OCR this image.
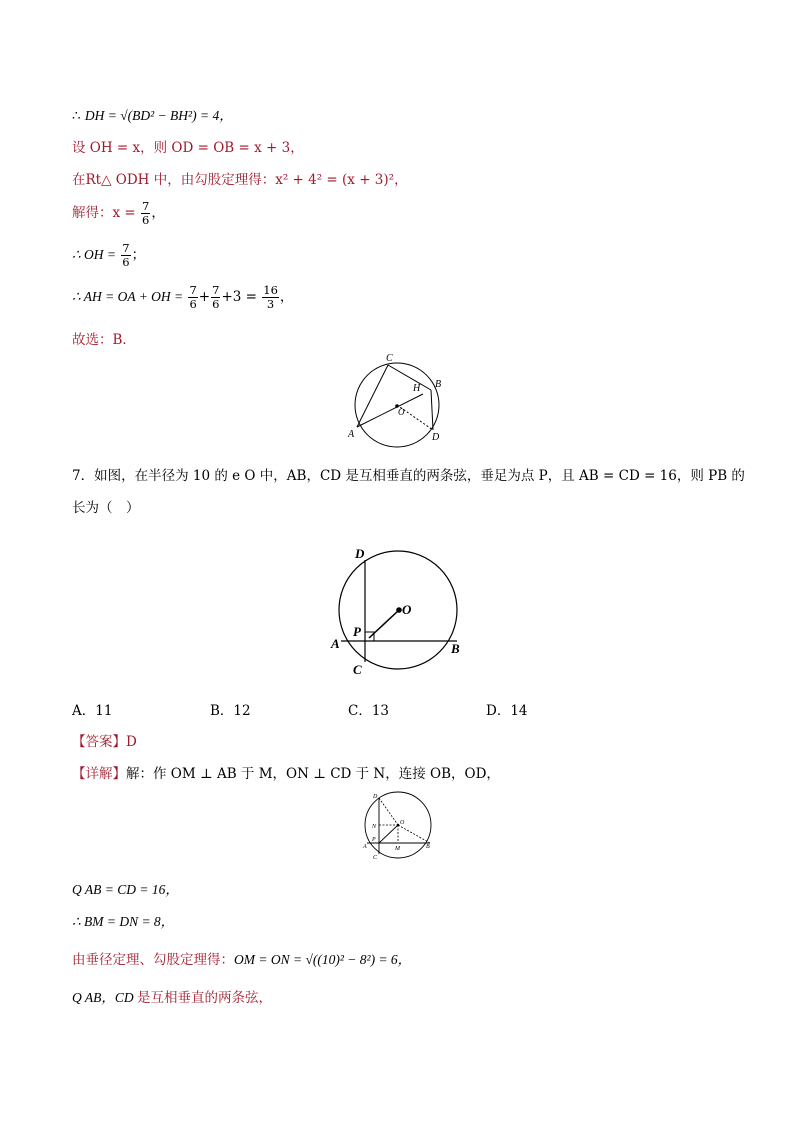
∴ DH = √(BD² − BH²) = 4，
设 OH = x，则 OD = OB = x + 3，
在Rt△ ODH 中，由勾股定理得：x² + 4² = (x + 3)²，
解得：$x = \frac{7}{6}$ ，
∴ OH = $\frac{7}{6}$ ；
∴ AH = OA + OH = $\frac{7}{6} + \frac{7}{6} +3 = \frac{16}{3}$ ，
故选：B．
C
B
H
O
A	D
7．如图，在半径为 10 的 e O 中，AB，CD 是互相垂直的两条弦，垂足为点 P，且 AB = CD = 16，则 PB 的
长为（　）
D
O
P
A	B
C
A．11	B．12	C．13	D．14
【答案】D
【详解】解：作 OM ⊥ AB 于 M，ON ⊥ CD 于 N，连接 OB，OD，
D
O
N
P
A	M	B
C
Q AB = CD = 16，
∴ BM = DN = 8，
由垂径定理、勾股定理得：OM = ON = √((10)² − 8²) = 6，
Q AB，CD 是互相垂直的两条弦，
